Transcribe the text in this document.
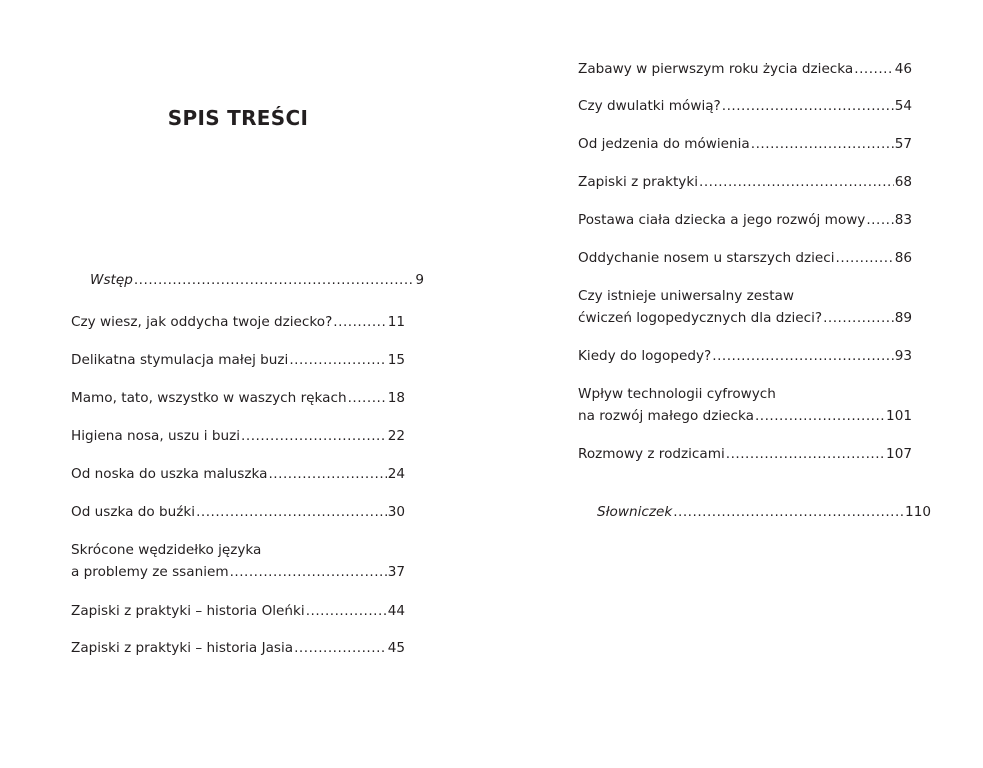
SPIS TREŚCI
Wstęp .....	9
Czy wiesz, jak oddycha twoje dziecko? .....	11
Delikatna stymulacja małej buzi .....	15
Mamo, tato, wszystko w waszych rękach .....	18
Higiena nosa, uszu i buzi .....	22
Od noska do uszka maluszka .....	24
Od uszka do buźki .....	30
Skrócone wędzidełko języka
a problemy ze ssaniem .....	37
Zapiski z praktyki – historia Oleńki .....	44
Zapiski z praktyki – historia Jasia .....	45
Zabawy w pierwszym roku życia dziecka .....	46
Czy dwulatki mówią? .....	54
Od jedzenia do mówienia .....	57
Zapiski z praktyki .....	68
Postawa ciała dziecka a jego rozwój mowy ..... 83
Oddychanie nosem u starszych dzieci .....	86
Czy istnieje uniwersalny zestaw
ćwiczeń logopedycznych dla dzieci? .....	89
Kiedy do logopedy? .....	93
Wpływ technologii cyfrowych
na rozwój małego dziecka .....	101
Rozmowy z rodzicami .....	107
Słowniczek .....	110
